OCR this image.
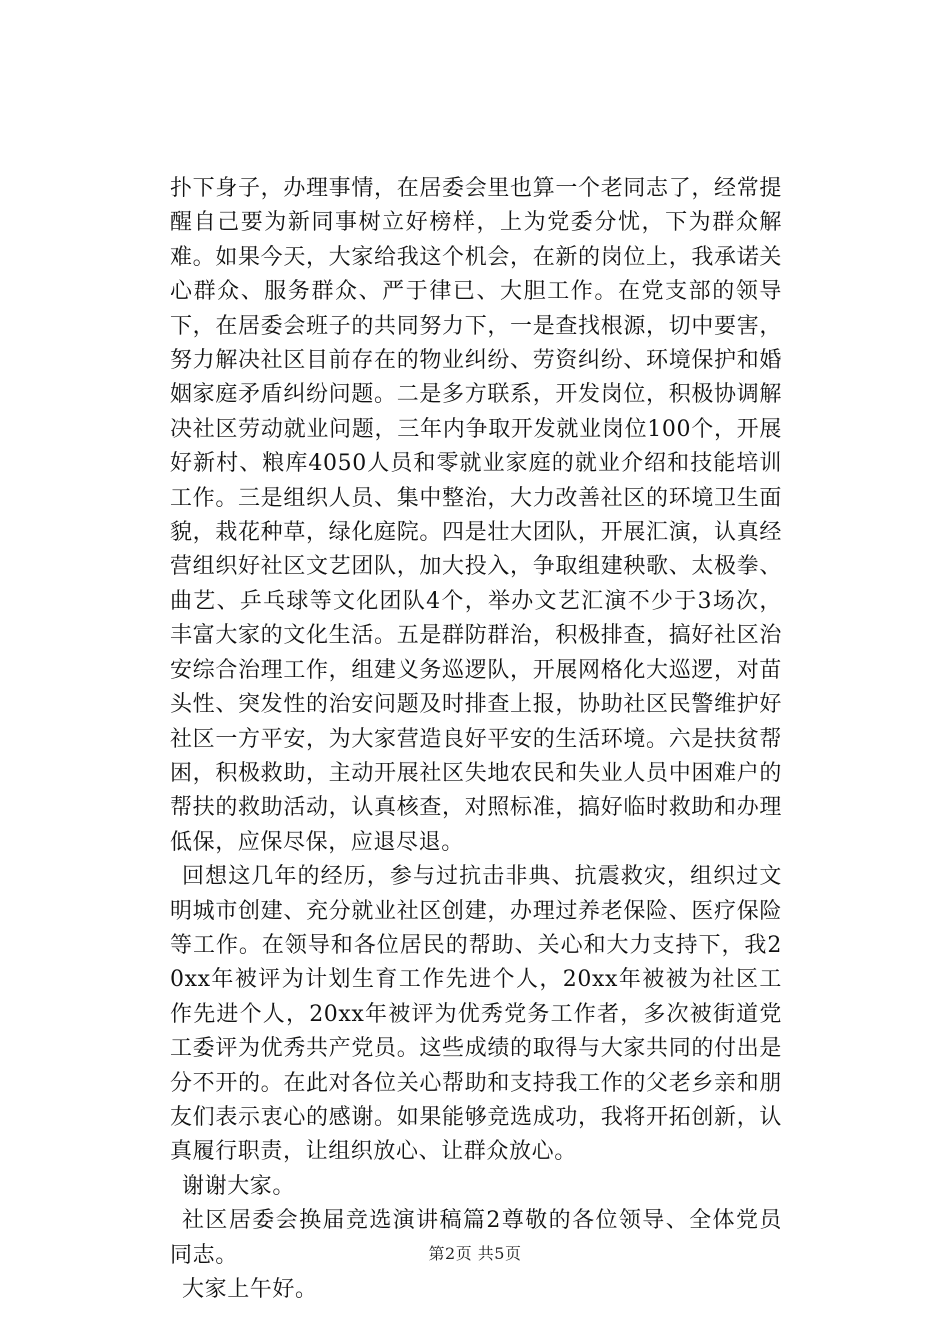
扑下身子，办理事情，在居委会里也算一个老同志了，经常提醒自己要为新同事树立好榜样，上为党委分忧，下为群众解难。如果今天，大家给我这个机会，在新的岗位上，我承诺关心群众、服务群众、严于律已、大胆工作。在党支部的领导下，在居委会班子的共同努力下，一是查找根源，切中要害，努力解决社区目前存在的物业纠纷、劳资纠纷、环境保护和婚姻家庭矛盾纠纷问题。二是多方联系，开发岗位，积极协调解决社区劳动就业问题，三年内争取开发就业岗位100个，开展好新村、粮库4050人员和零就业家庭的就业介绍和技能培训工作。三是组织人员、集中整治，大力改善社区的环境卫生面貌，栽花种草，绿化庭院。四是壮大团队，开展汇演，认真经营组织好社区文艺团队，加大投入，争取组建秧歌、太极拳、曲艺、乒乓球等文化团队4个，举办文艺汇演不少于3场次，丰富大家的文化生活。五是群防群治，积极排查，搞好社区治安综合治理工作，组建义务巡逻队，开展网格化大巡逻，对苗头性、突发性的治安问题及时排查上报，协助社区民警维护好社区一方平安，为大家营造良好平安的生活环境。六是扶贫帮困，积极救助，主动开展社区失地农民和失业人员中困难户的帮扶的救助活动，认真核查，对照标准，搞好临时救助和办理低保，应保尽保，应退尽退。

回想这几年的经历，参与过抗击非典、抗震救灾，组织过文明城市创建、充分就业社区创建，办理过养老保险、医疗保险等工作。在领导和各位居民的帮助、关心和大力支持下，我20xx年被评为计划生育工作先进个人，20xx年被被为社区工作先进个人，20xx年被评为优秀党务工作者，多次被街道党工委评为优秀共产党员。这些成绩的取得与大家共同的付出是分不开的。在此对各位关心帮助和支持我工作的父老乡亲和朋友们表示衷心的感谢。如果能够竞选成功，我将开拓创新，认真履行职责，让组织放心、让群众放心。

谢谢大家。

社区居委会换届竞选演讲稿篇2尊敬的各位领导、全体党员同志。

大家上午好。

第2页 共5页
